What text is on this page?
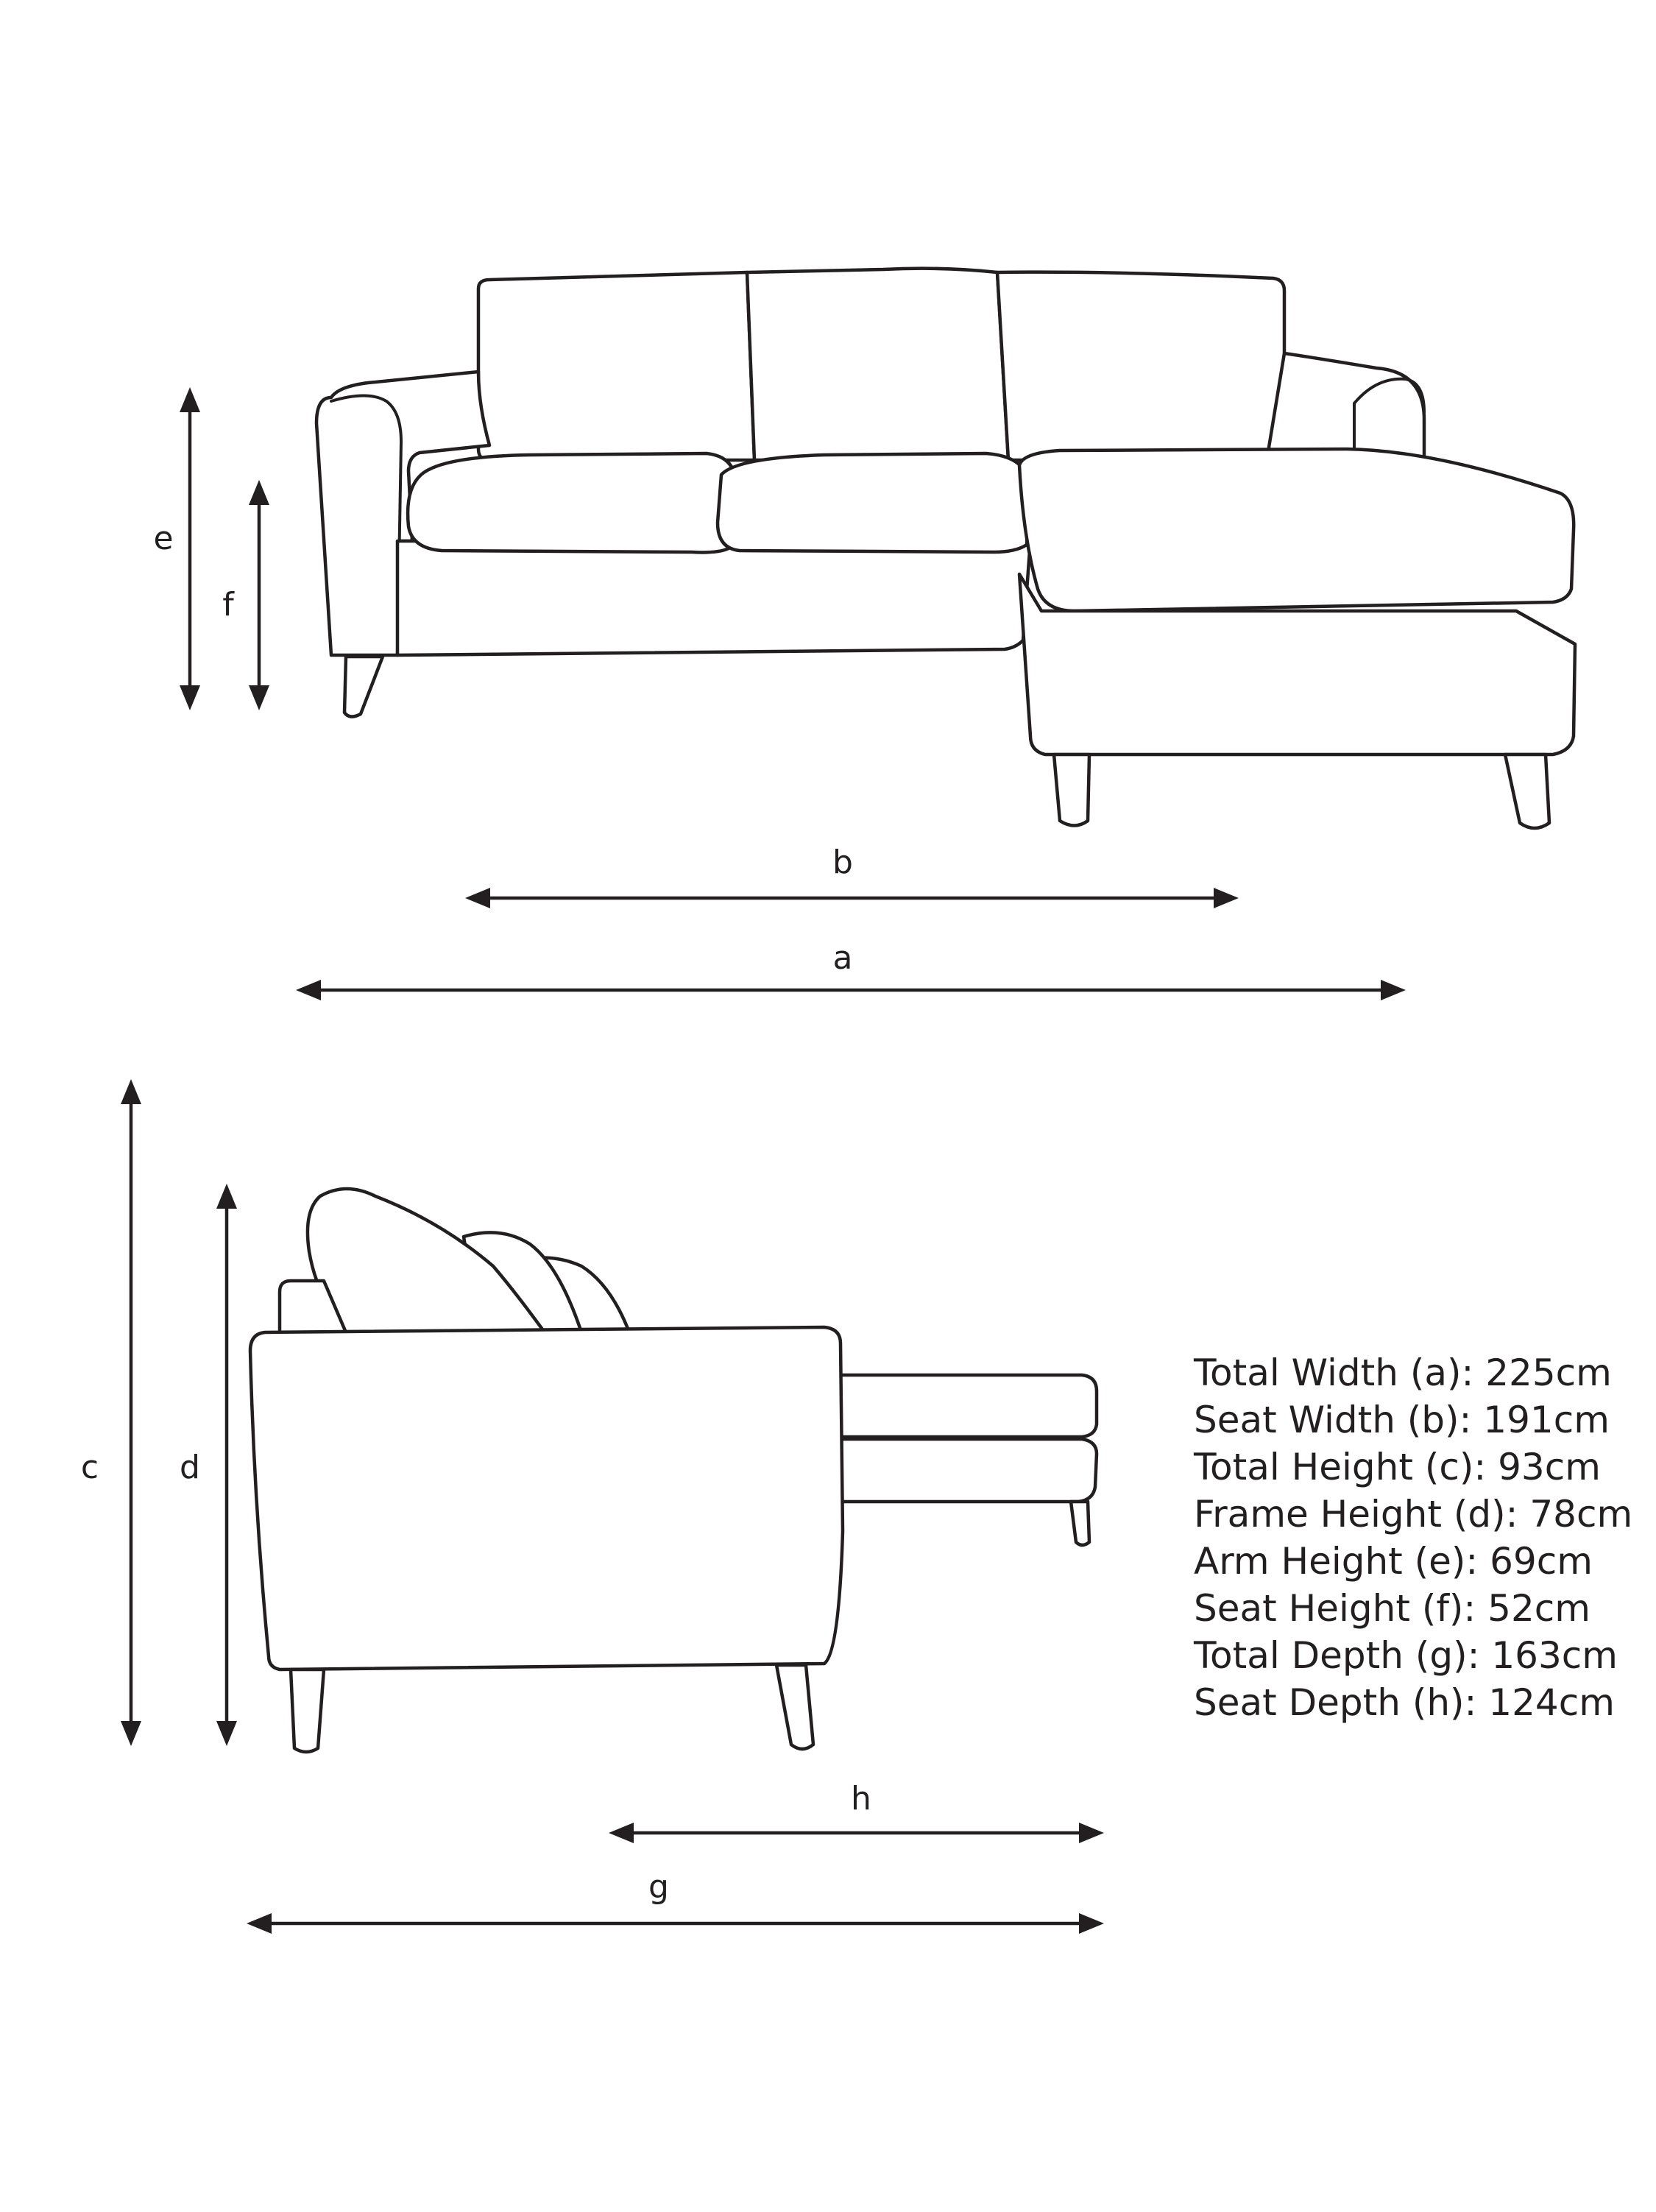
e
f
b
a
c d
h
g
Total Width (a): 225cm
Seat Width (b): 191cm
Total Height (c): 93cm
Frame Height (d): 78cm
Arm Height (e): 69cm
Seat Height (f): 52cm
Total Depth (g): 163cm
Seat Depth (h): 124cm
